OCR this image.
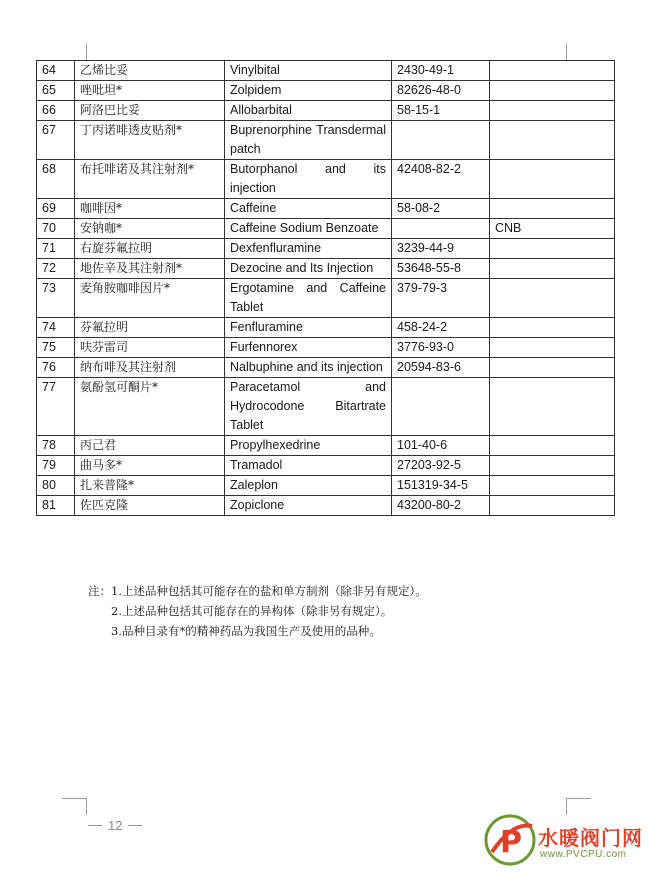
64	乙烯比妥	Vinylbital	2430-49-1	
65	唑吡坦*	Zolpidem	82626-48-0	
66	阿洛巴比妥	Allobarbital	58-15-1	
67	丁丙诺啡透皮贴剂*	Buprenorphine Transdermal patch		
68	布托啡诺及其注射剂*	Butorphanol and its injection	42408-82-2	
69	咖啡因*	Caffeine	58-08-2	
70	安钠咖*	Caffeine Sodium Benzoate		CNB
71	右旋芬氟拉明	Dexfenfluramine	3239-44-9	
72	地佐辛及其注射剂*	Dezocine and Its Injection	53648-55-8	
73	麦角胺咖啡因片*	Ergotamine and Caffeine Tablet	379-79-3	
74	芬氟拉明	Fenfluramine	458-24-2	
75	呋芬雷司	Furfennorex	3776-93-0	
76	纳布啡及其注射剂	Nalbuphine and its injection	20594-83-6	
77	氨酚氢可酮片*	Paracetamol and Hydrocodone Bitartrate Tablet		
78	丙己君	Propylhexedrine	101-40-6	
79	曲马多*	Tramadol	27203-92-5	
80	扎来普隆*	Zaleplon	151319-34-5	
81	佐匹克隆	Zopiclone	43200-80-2	
注：1.上述品种包括其可能存在的盐和单方制剂（除非另有规定）。
2.上述品种包括其可能存在的异构体（除非另有规定）。
3.品种目录有*的精神药品为我国生产及使用的品种。
12	P 水暖阀门网
www.PVCPU.com
